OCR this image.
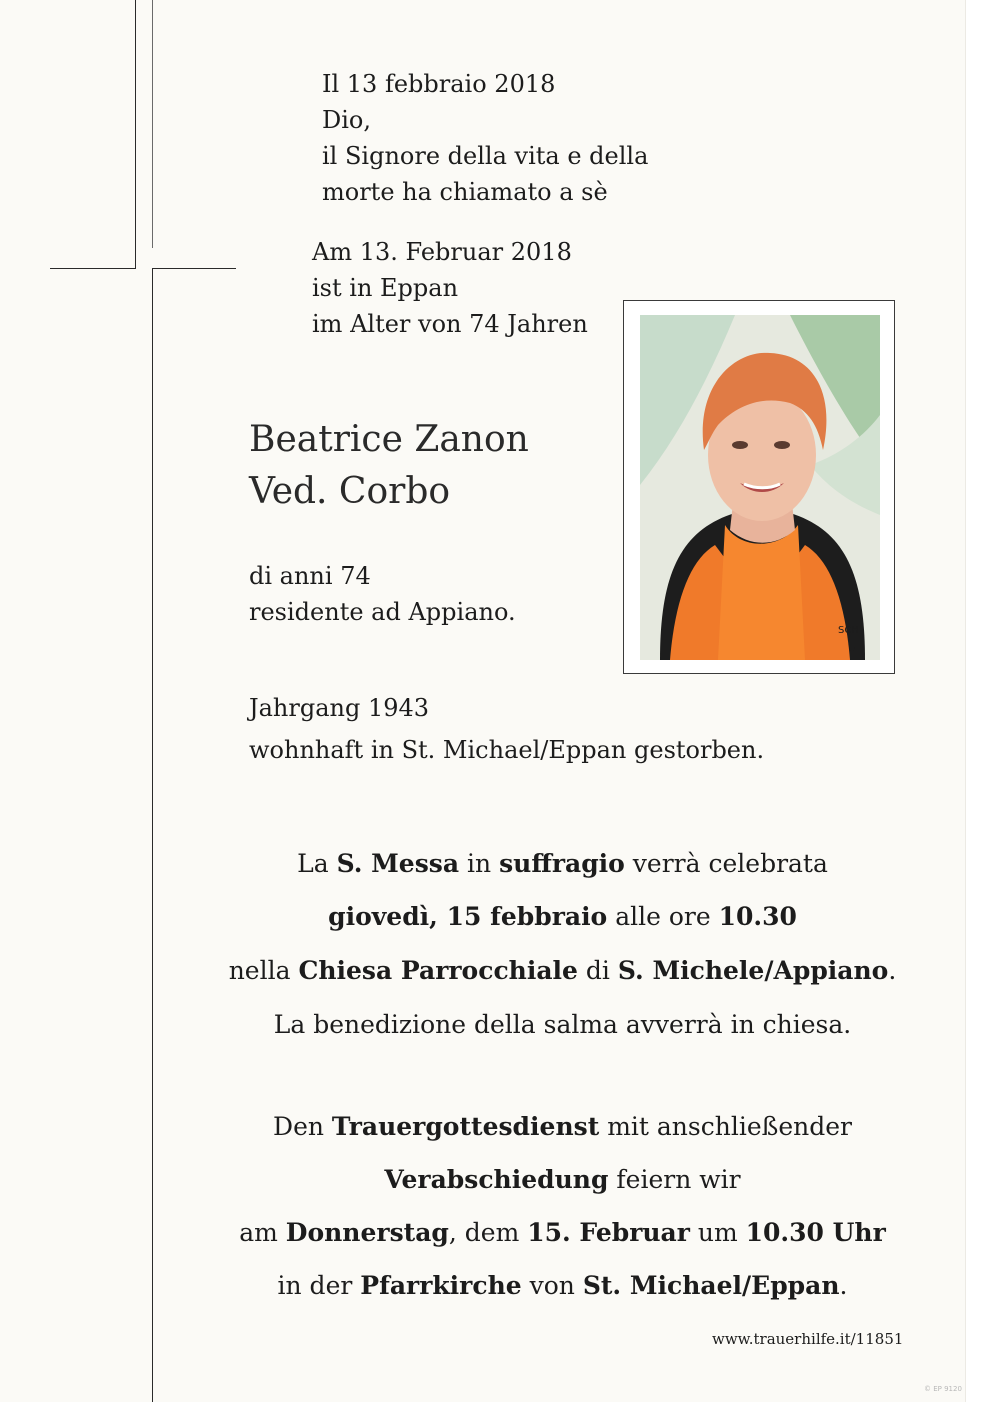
Il 13 febbraio 2018

Dio,

il Signore della vita e della

morte ha chiamato a sè

Am 13. Februar 2018

ist in Eppan

im Alter von 74 Jahren

Beatrice Zanon

Ved. Corbo

di anni 74

residente ad Appiano.

Jahrgang 1943

wohnhaft in St. Michael/Eppan gestorben.

SCH
La S. Messa in suffragio verrà celebrata
giovedì, 15 febbraio alle ore 10.30
nella Chiesa Parrocchiale di S. Michele/Appiano.
La benedizione della salma avverrà in chiesa.
Den Trauergottesdienst mit anschließender
Verabschiedung feiern wir
am Donnerstag, dem 15. Februar um 10.30 Uhr
in der Pfarrkirche von St. Michael/Eppan.
www.trauerhilfe.it/11851
© EP 9120
